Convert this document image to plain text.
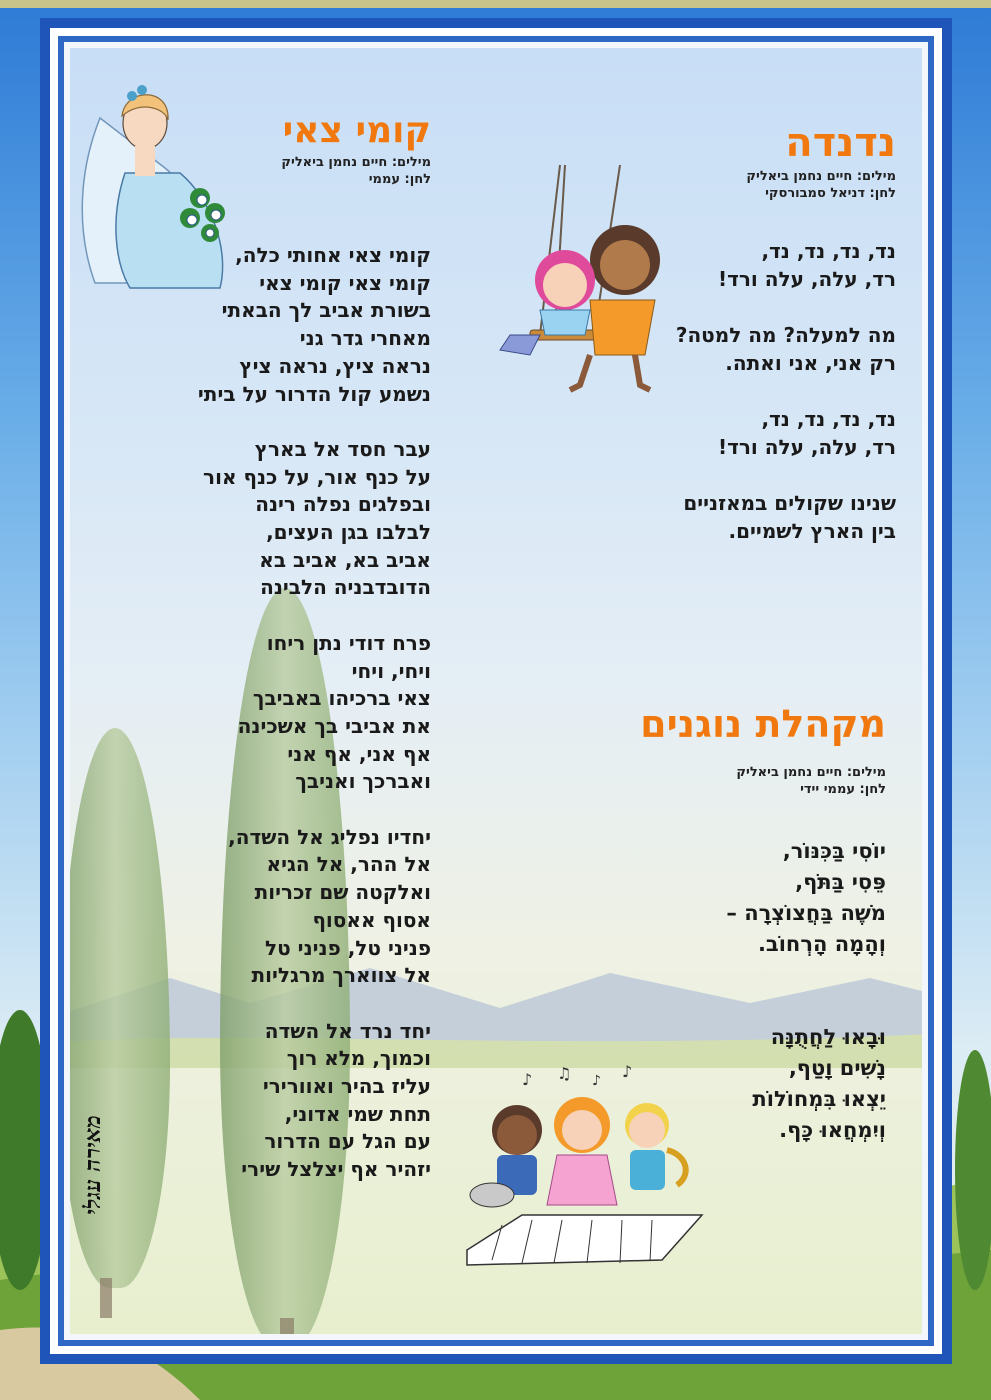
♪ ♫ ♪ ♪
נדנדה
מילים: חיים נחמן ביאליק
לחן: דניאל סמבורסקי
נד, נד, נד, נד,
רד, עלה, עלה ורד!
מה למעלה? מה למטה?
רק אני, אני ואתה.
נד, נד, נד, נד,
רד, עלה, עלה ורד!
שנינו שקולים במאזניים
בין הארץ לשמיים.
קומי צאי
מילים: חיים נחמן ביאליק
לחן: עממי
קומי צאי אחותי כלה,
קומי צאי קומי צאי
בשורת אביב לך הבאתי
מאחרי גדר גני
נראה ציץ, נראה ציץ
נשמע קול הדרור על ביתי
עבר חסד אל בארץ
על כנף אור, על כנף אור
ובפלגים נפלה רינה
לבלבו בגן העצים,
אביב בא, אביב בא
הדובדבניה הלבינה
פרח דודי נתן ריחו
ויחי, ויחי
צאי ברכיהו באביבך
את אביבי בך אשכינה
אף אני, אף אני
ואברכך ואניבך
יחדיו נפליג אל השדה,
אל ההר, אל הגיא
ואלקטה שם זכריות
אסוף אאסוף
פניני טל, פניני טל
אל צווארך מרגליות
יחד נרד אל השדה
וכמוך, מלא רוך
עליז בהיר ואוורירי
תחת שמי אדוני,
עם הגל עם הדרור
יזהיר אף יצלצל שירי
מקהלת נוגנים
מילים: חיים נחמן ביאליק
לחן: עממי יידי
יוֹסִי בַּכִּנּוֹר,
פֵּסִי בַּתֹּף,
מֹשֶׁה בַּחֲצוֹצְרָה –
וְהָמָה הָרְחוֹב.
וּבָאוּ לַחֲתֻנָּה
נָשִׁים וָטַף,
יֵצְאוּ בִּמְחוֹלוֹת
וְיִמְחֲאוּ כָּף.
מאירה עגלי
